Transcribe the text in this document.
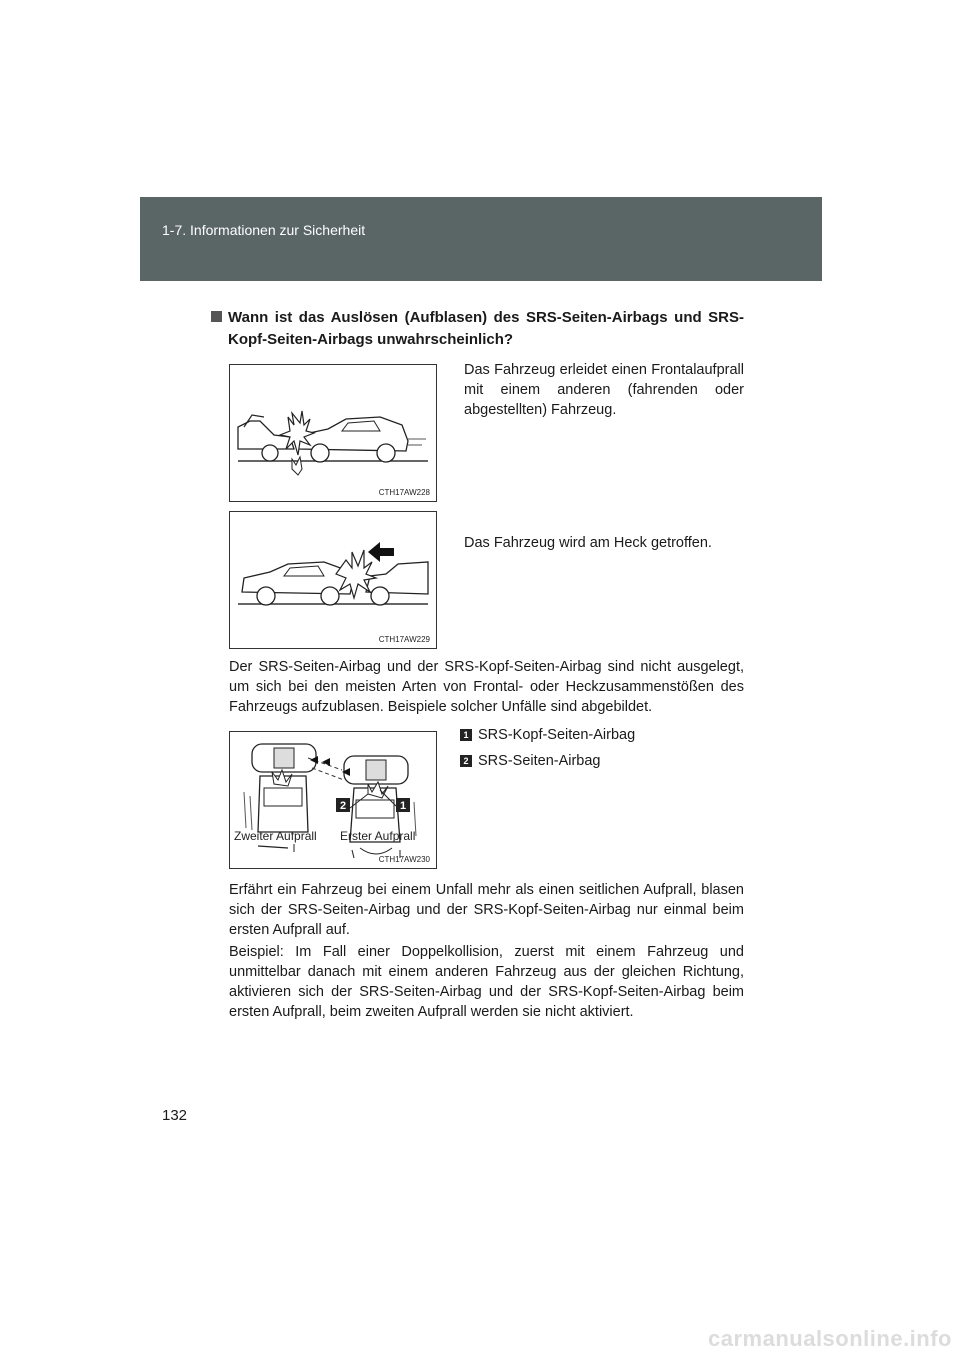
1-7. Informationen zur Sicherheit
Wann ist das Auslösen (Aufblasen) des SRS-Seiten-Airbags und SRS-Kopf-Seiten-Airbags unwahrscheinlich?
CTH17AW228
Das Fahrzeug erleidet einen Frontalaufprall mit einem anderen (fahrenden oder abgestellten) Fahrzeug.
CTH17AW229
Das Fahrzeug wird am Heck getroffen.
Der SRS-Seiten-Airbag und der SRS-Kopf-Seiten-Airbag sind nicht ausgelegt, um sich bei den meisten Arten von Frontal- oder Heckzusammenstößen des Fahrzeugs aufzublasen. Beispiele solcher Unfälle sind abgebildet.
2	1
Zweiter Aufprall Erster Aufprall
CTH17AW230
1 SRS-Kopf-Seiten-Airbag
2 SRS-Seiten-Airbag
Erfährt ein Fahrzeug bei einem Unfall mehr als einen seitlichen Aufprall, blasen sich der SRS-Seiten-Airbag und der SRS-Kopf-Seiten-Airbag nur einmal beim ersten Aufprall auf.
Beispiel: Im Fall einer Doppelkollision, zuerst mit einem Fahrzeug und unmittelbar danach mit einem anderen Fahrzeug aus der gleichen Richtung, aktivieren sich der SRS-Seiten-Airbag und der SRS-Kopf-Seiten-Airbag beim ersten Aufprall, beim zweiten Aufprall werden sie nicht aktiviert.
132
carmanualsonline.info
